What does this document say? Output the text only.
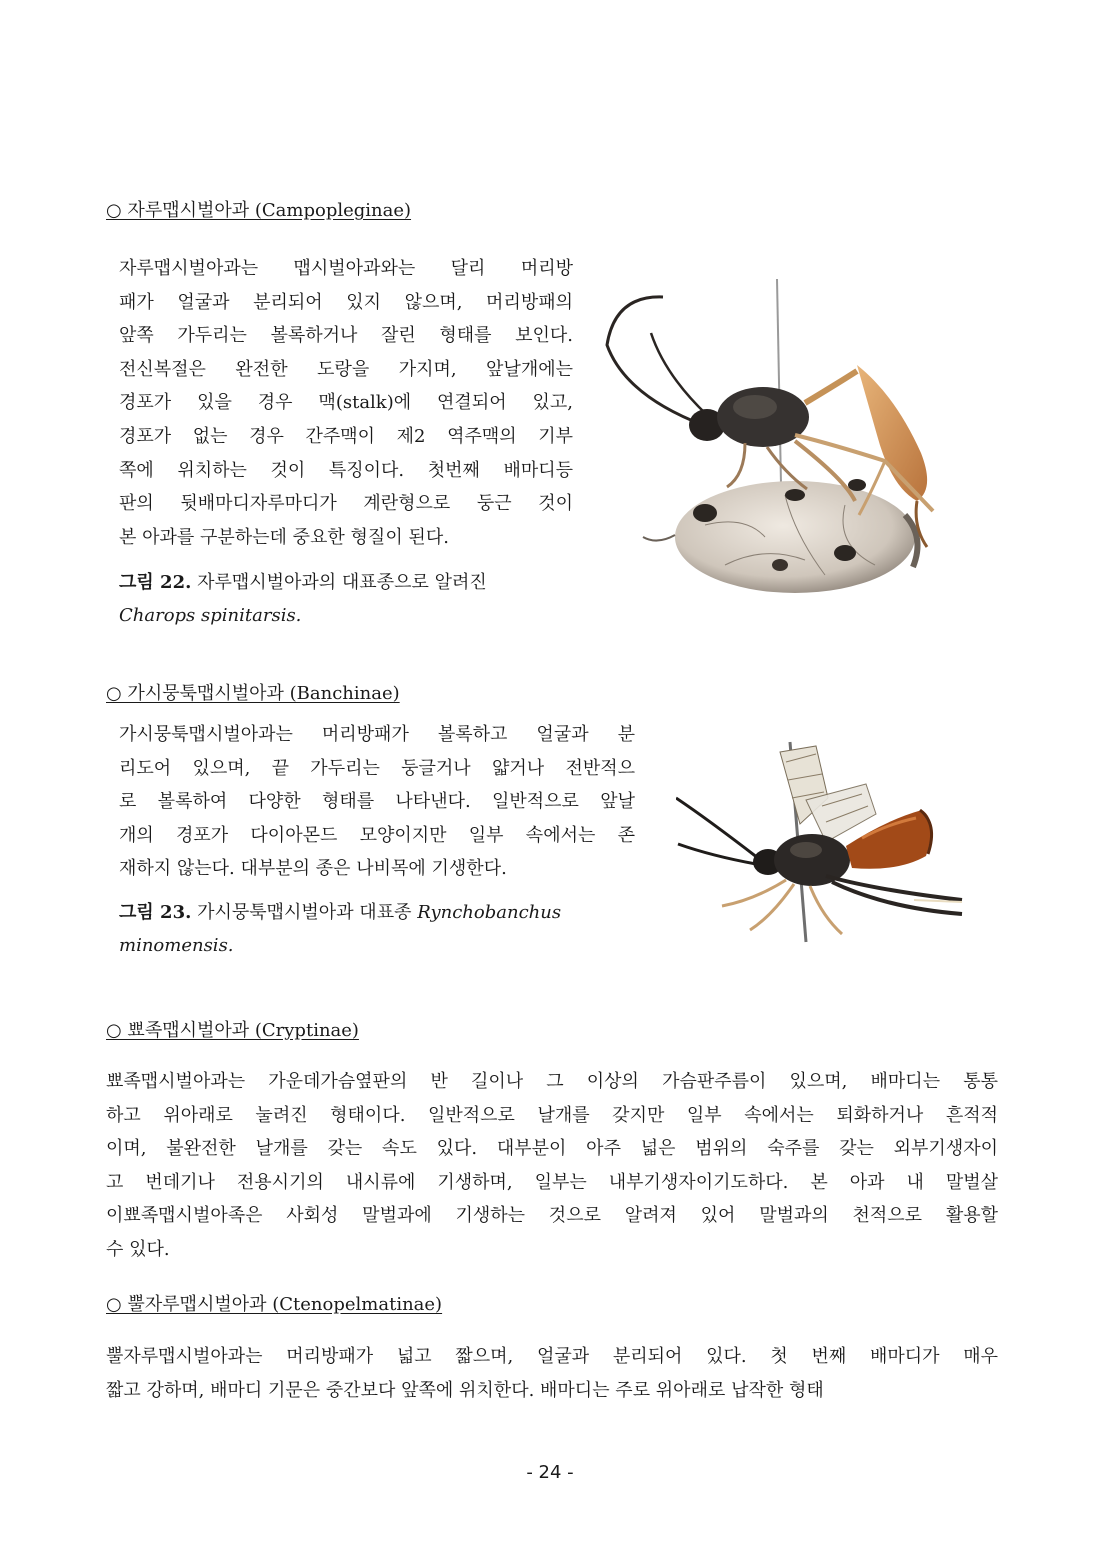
○ 자루맵시벌아과 (Campopleginae)
자루맵시벌아과는 맵시벌아과와는 달리 머리방
패가 얼굴과 분리되어 있지 않으며, 머리방패의
앞쪽 가두리는 볼록하거나 잘린 형태를 보인다.
전신복절은 완전한 도랑을 가지며, 앞날개에는
경포가 있을 경우 맥(stalk)에 연결되어 있고,
경포가 없는 경우 간주맥이 제2 역주맥의 기부
쪽에 위치하는 것이 특징이다. 첫번째 배마디등
판의 뒷배마디자루마디가 계란형으로 둥근 것이
본 아과를 구분하는데 중요한 형질이 된다.
그림 22. 자루맵시벌아과의 대표종으로 알려진
Charops spinitarsis.
○ 가시뭉툭맵시벌아과 (Banchinae)
가시뭉툭맵시벌아과는 머리방패가 볼록하고 얼굴과 분
리도어 있으며, 끝 가두리는 둥글거나 얇거나 전반적으
로 볼록하여 다양한 형태를 나타낸다. 일반적으로 앞날
개의 경포가 다이아몬드 모양이지만 일부 속에서는 존
재하지 않는다. 대부분의 종은 나비목에 기생한다.
그림 23. 가시뭉툭맵시벌아과 대표종 Rynchobanchus
minomensis.
○ 뾰족맵시벌아과 (Cryptinae)
뾰족맵시벌아과는 가운데가슴옆판의 반 길이나 그 이상의 가슴판주름이 있으며, 배마디는 통통
하고 위아래로 눌려진 형태이다. 일반적으로 날개를 갖지만 일부 속에서는 퇴화하거나 흔적적
이며, 불완전한 날개를 갖는 속도 있다. 대부분이 아주 넓은 범위의 숙주를 갖는 외부기생자이
고 번데기나 전용시기의 내시류에 기생하며, 일부는 내부기생자이기도하다. 본 아과 내 말벌살
이뾰족맵시벌아족은 사회성 말벌과에 기생하는 것으로 알려져 있어 말벌과의 천적으로 활용할
수 있다.
○ 뿔자루맵시벌아과 (Ctenopelmatinae)
뿔자루맵시벌아과는 머리방패가 넓고 짧으며, 얼굴과 분리되어 있다. 첫 번째 배마디가 매우
짧고 강하며, 배마디 기문은 중간보다 앞쪽에 위치한다. 배마디는 주로 위아래로 납작한 형태
- 24 -
